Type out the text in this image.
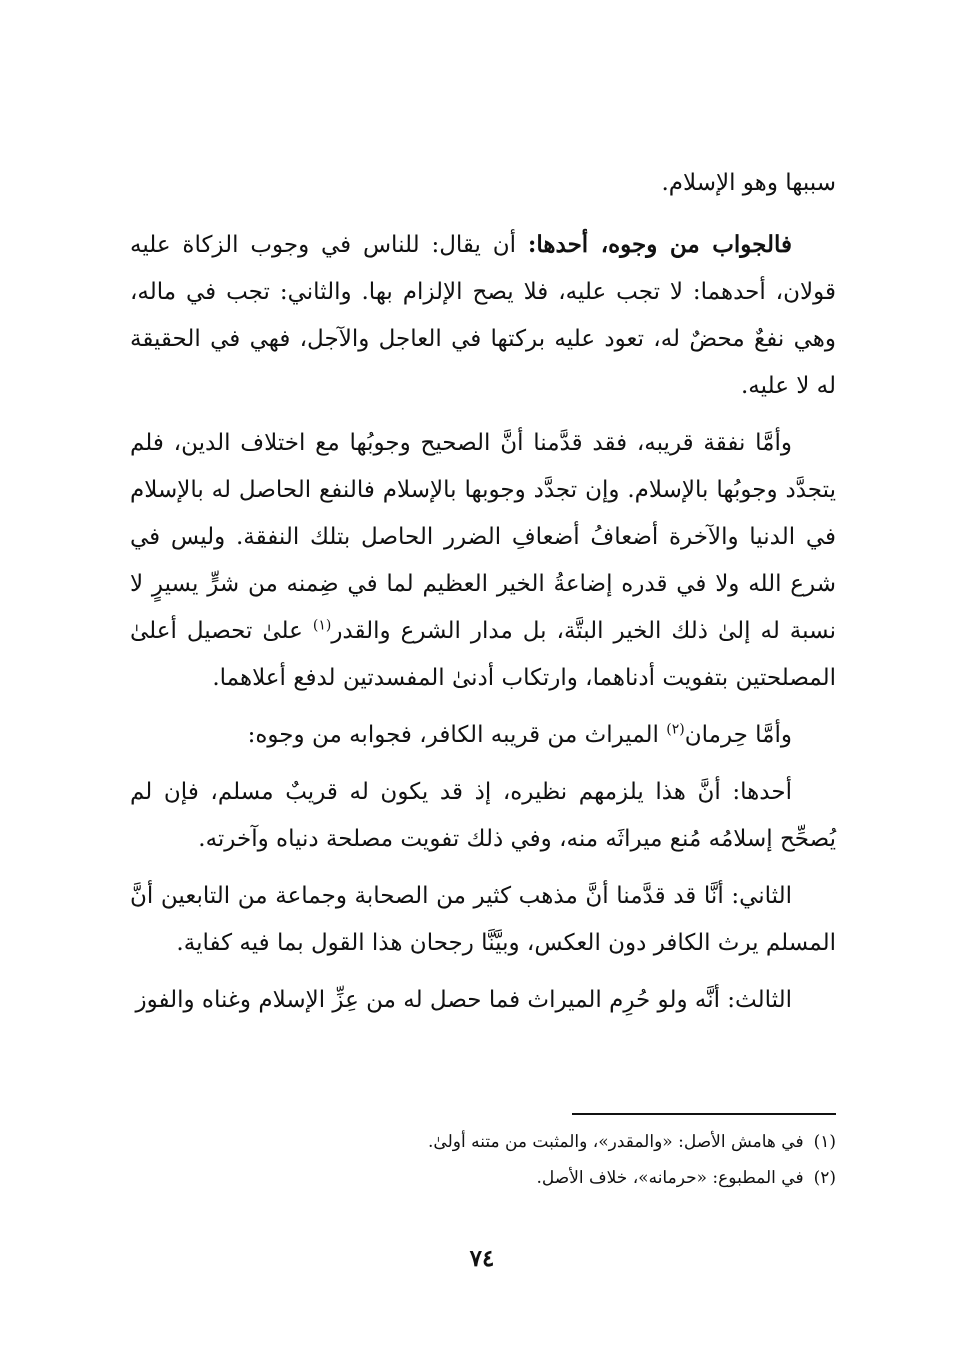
سببها وهو الإسلام.

فالجواب من وجوه، أحدها: أن يقال: للناس في وجوب الزكاة عليه قولان، أحدهما: لا تجب عليه، فلا يصح الإلزام بها. والثاني: تجب في ماله، وهي نفعٌ محضٌ له، تعود عليه بركتها في العاجل والآجل، فهي في الحقيقة له لا عليه.

وأمَّا نفقة قريبه، فقد قدَّمنا أنَّ الصحيح وجوبُها مع اختلاف الدين، فلم يتجدَّد وجوبُها بالإسلام. وإن تجدَّد وجوبها بالإسلام فالنفع الحاصل له بالإسلام في الدنيا والآخرة أضعافُ أضعافِ الضرر الحاصل بتلك النفقة. وليس في شرع الله ولا في قدره إضاعةُ الخير العظيم لما في ضِمنه من شرٍّ يسيرٍ لا نسبة له إلىٰ ذلك الخير البتَّة، بل مدار الشرع والقدر$^{(١)}$ علىٰ تحصيل أعلىٰ المصلحتين بتفويت أدناهما، وارتكاب أدنىٰ المفسدتين لدفع أعلاهما.

وأمَّا حِرمان$^{(٢)}$ الميراث من قريبه الكافر، فجوابه من وجوه:

أحدها: أنَّ هذا يلزمهم نظيره، إذ قد يكون له قريبٌ مسلم، فإن لم يُصحِّح إسلامُه مُنع ميراثَه منه، وفي ذلك تفويت مصلحة دنياه وآخرته.

الثاني: أنَّا قد قدَّمنا أنَّ مذهب كثير من الصحابة وجماعة من التابعين أنَّ المسلم يرث الكافر دون العكس، وبيَّنَّا رجحان هذا القول بما فيه كفاية.

الثالث: أنَّه ولو حُرِم الميراث فما حصل له من عِزِّ الإسلام وغناه والفوز

(١)في هامش الأصل: «والمقدر»، والمثبت من متنه أولىٰ.
(٢)في المطبوع: «حرمانه»، خلاف الأصل.
٧٤
